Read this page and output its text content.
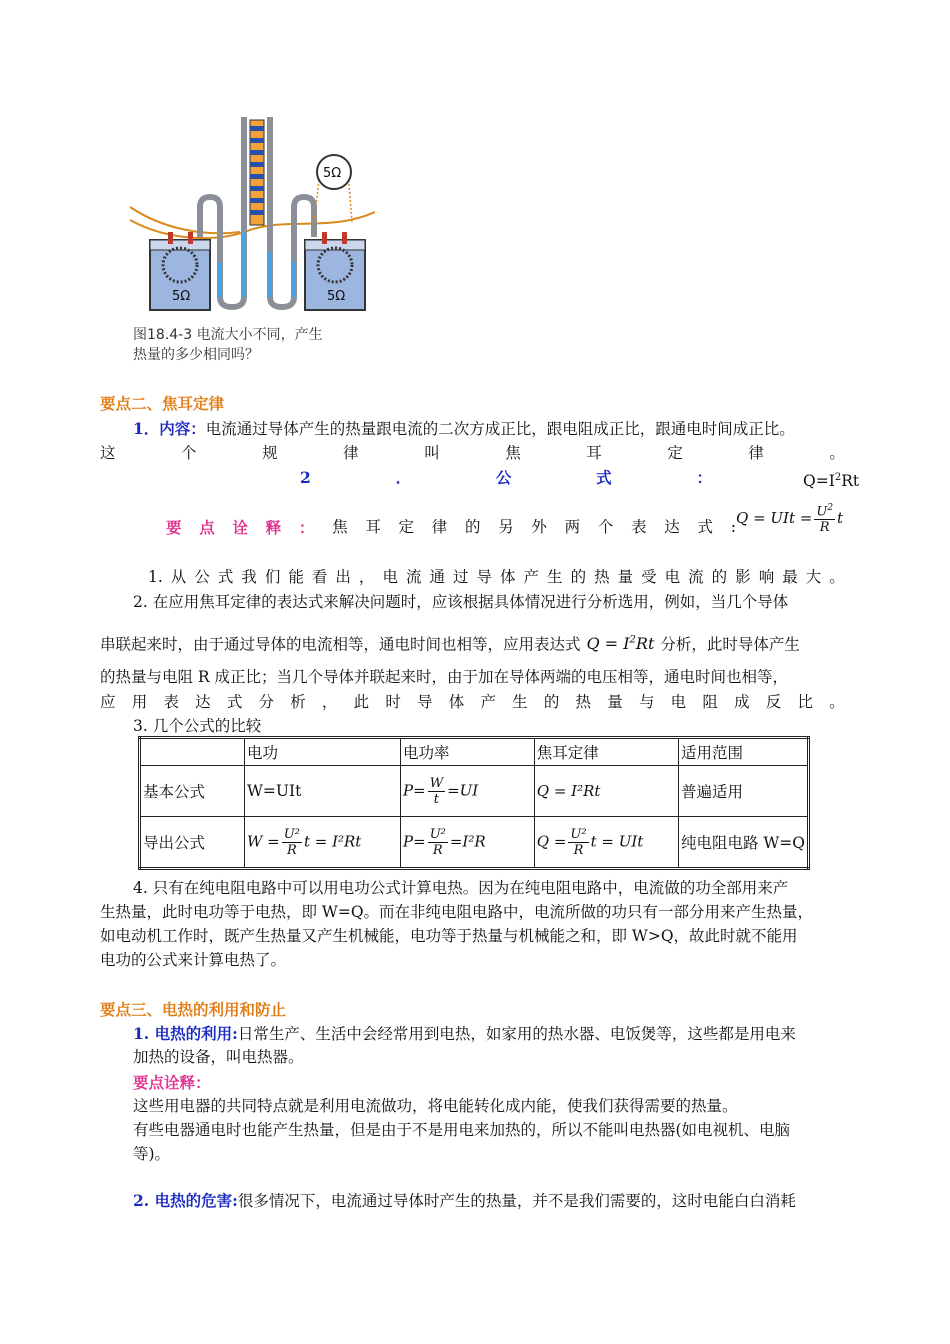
5Ω	5Ω
5Ω
图18.4-3 电流大小不同，产生
热量的多少相同吗？
要点二、焦耳定律
1．内容：电流通过导体产生的热量跟电流的二次方成正比，跟电阻成正比，跟通电时间成正比。
这	个	规	律	叫	焦	耳	定	律	。
2	．	公	式	：	$Q=I^2Rt$
要 点 诠 释 ： 焦 耳 定 律 的 另 外 两 个 表 达 式 : Q = UIt = $\frac{U^2}{R}$ t
1. 从 公 式 我 们 能 看 出 ， 电 流 通 过 导 体 产 生 的 热 量 受 电 流 的 影 响 最 大 。
2. 在应用焦耳定律的表达式来解决问题时，应该根据具体情况进行分析选用，例如，当几个导体
串联起来时，由于通过导体的电流相等，通电时间也相等，应用表达式 $Q = I^2Rt$ 分析，此时导体产生
的热量与电阻 R 成正比；当几个导体并联起来时，由于加在导体两端的电压相等，通电时间也相等，
应 用 表 达 式 分 析 ， 此 时 导 体 产 生 的 热 量 与 电 阻 成 反 比 。
3. 几个公式的比较
	电功	电功率	焦耳定律	适用范围
基本公式	W=UIt	$P= \frac{W}{t} =UI$	Q = I²Rt	普遍适用
导出公式	$W = \frac{\text{U²}}{R}$ t = I²Rt	$P= \frac{\text{U²}}{R} =I^2R$	$Q = \frac{\text{U²}}{R}$ t = UIt	纯电阻电路 W=Q
4. 只有在纯电阻电路中可以用电功公式计算电热。因为在纯电阻电路中，电流做的功全部用来产
生热量，此时电功等于电热，即 W=Q。而在非纯电阻电路中，电流所做的功只有一部分用来产生热量，
如电动机工作时，既产生热量又产生机械能，电功等于热量与机械能之和，即 W>Q，故此时就不能用
电功的公式来计算电热了。
要点三、电热的利用和防止
1. 电热的利用:日常生产、生活中会经常用到电热，如家用的热水器、电饭煲等，这些都是用电来
加热的设备，叫电热器。
要点诠释：
这些用电器的共同特点就是利用电流做功，将电能转化成内能，使我们获得需要的热量。
有些电器通电时也能产生热量，但是由于不是用电来加热的，所以不能叫电热器(如电视机、电脑
等)。
2. 电热的危害:很多情况下，电流通过导体时产生的热量，并不是我们需要的，这时电能白白消耗
